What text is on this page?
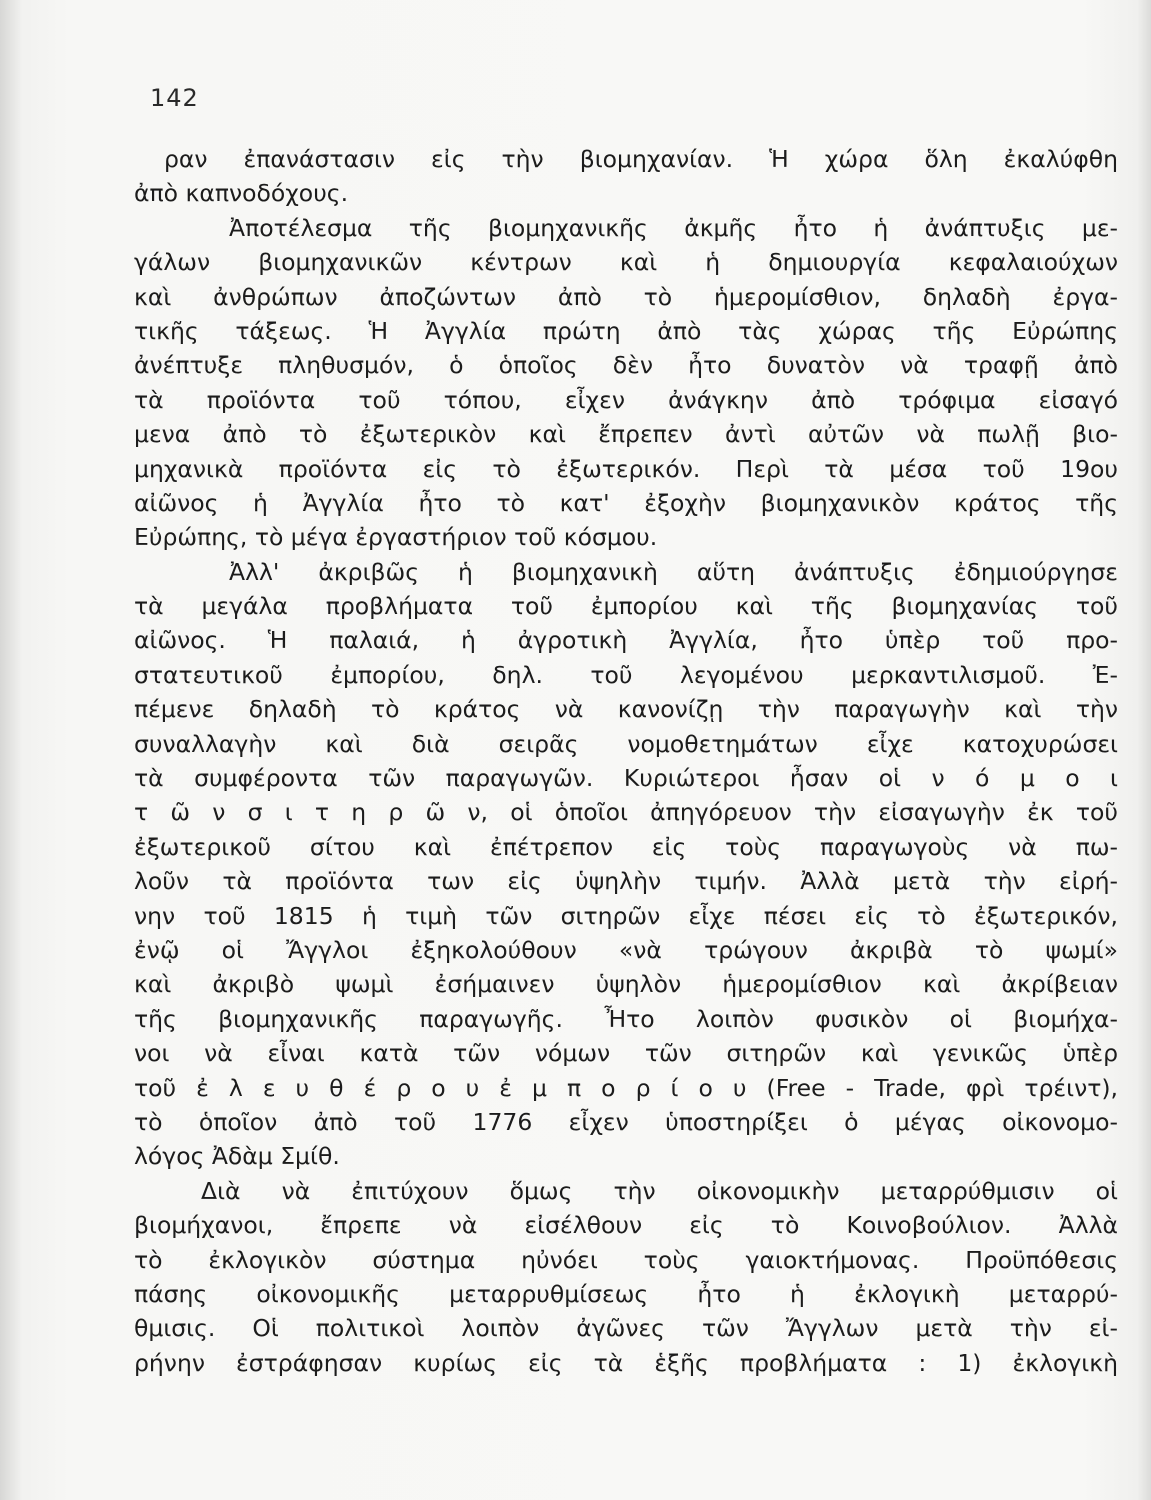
142
ραν ἐπανάστασιν εἰς τὴν βιομηχανίαν. Ἡ χώρα ὅλη ἐκαλύφθη
ἀπὸ καπνοδόχους.
Ἀποτέλεσμα τῆς βιομηχανικῆς ἀκμῆς ἦτο ἡ ἀνάπτυξις με-
γάλων βιομηχανικῶν κέντρων καὶ ἡ δημιουργία κεφαλαιούχων
καὶ ἀνθρώπων ἀποζώντων ἀπὸ τὸ ἡμερομίσθιον, δηλαδὴ ἐργα-
τικῆς τάξεως. Ἡ Ἀγγλία πρώτη ἀπὸ τὰς χώρας τῆς Εὐρώπης
ἀνέπτυξε πληθυσμόν, ὁ ὁποῖος δὲν ἦτο δυνατὸν νὰ τραφῇ ἀπὸ
τὰ προϊόντα τοῦ τόπου, εἶχεν ἀνάγκην ἀπὸ τρόφιμα εἰσαγό
μενα ἀπὸ τὸ ἐξωτερικὸν καὶ ἔπρεπεν ἀντὶ αὐτῶν νὰ πωλῇ βιο-
μηχανικὰ προϊόντα εἰς τὸ ἐξωτερικόν. Περὶ τὰ μέσα τοῦ 19ου
αἰῶνος ἡ Ἀγγλία ἦτο τὸ κατ' ἐξοχὴν βιομηχανικὸν κράτος τῆς
Εὐρώπης, τὸ μέγα ἐργαστήριον τοῦ κόσμου.
Ἀλλ' ἀκριβῶς ἡ βιομηχανικὴ αὕτη ἀνάπτυξις ἐδημιούργησε
τὰ μεγάλα προβλήματα τοῦ ἐμπορίου καὶ τῆς βιομηχανίας τοῦ
αἰῶνος. Ἡ παλαιά, ἡ ἀγροτικὴ Ἀγγλία, ἦτο ὑπὲρ τοῦ προ-
στατευτικοῦ ἐμπορίου, δηλ. τοῦ λεγομένου μερκαντιλισμοῦ. Ἐ-
πέμενε δηλαδὴ τὸ κράτος νὰ κανονίζῃ τὴν παραγωγὴν καὶ τὴν
συναλλαγὴν καὶ διὰ σειρᾶς νομοθετημάτων εἶχε κατοχυρώσει
τὰ συμφέροντα τῶν παραγωγῶν. Κυριώτεροι ἦσαν οἱ ν ό μ ο ι
τ ῶ ν σ ι τ η ρ ῶ ν, οἱ ὁποῖοι ἀπηγόρευον τὴν εἰσαγωγὴν ἐκ τοῦ
ἐξωτερικοῦ σίτου καὶ ἐπέτρεπον εἰς τοὺς παραγωγοὺς νὰ πω-
λοῦν τὰ προϊόντα των εἰς ὑψηλὴν τιμήν. Ἀλλὰ μετὰ τὴν εἰρή-
νην τοῦ 1815 ἡ τιμὴ τῶν σιτηρῶν εἶχε πέσει εἰς τὸ ἐξωτερικόν,
ἐνῷ οἱ Ἄγγλοι ἐξηκολούθουν «νὰ τρώγουν ἀκριβὰ τὸ ψωμί»
καὶ ἀκριβὸ ψωμὶ ἐσήμαινεν ὑψηλὸν ἡμερομίσθιον καὶ ἀκρίβειαν
τῆς βιομηχανικῆς παραγωγῆς. Ἦτο λοιπὸν φυσικὸν οἱ βιομήχα-
νοι νὰ εἶναι κατὰ τῶν νόμων τῶν σιτηρῶν καὶ γενικῶς ὑπὲρ
τοῦ ἐ λ ε υ θ έ ρ ο υ ἐ μ π ο ρ ί ο υ (Free - Trade, φρὶ τρέιντ),
τὸ ὁποῖον ἀπὸ τοῦ 1776 εἶχεν ὑποστηρίξει ὁ μέγας οἰκονομο-
λόγος Ἀδὰμ Σμίθ.
Διὰ νὰ ἐπιτύχουν ὅμως τὴν οἰκονομικὴν μεταρρύθμισιν οἱ
βιομήχανοι, ἔπρεπε νὰ εἰσέλθουν εἰς τὸ Κοινοβούλιον. Ἀλλὰ
τὸ ἐκλογικὸν σύστημα ηὐνόει τοὺς γαιοκτήμονας. Προϋπόθεσις
πάσης οἰκονομικῆς μεταρρυθμίσεως ἦτο ἡ ἐκλογικὴ μεταρρύ-
θμισις. Οἱ πολιτικοὶ λοιπὸν ἀγῶνες τῶν Ἄγγλων μετὰ τὴν εἰ-
ρήνην ἐστράφησαν κυρίως εἰς τὰ ἑξῆς προβλήματα : 1) ἐκλογικὴ
